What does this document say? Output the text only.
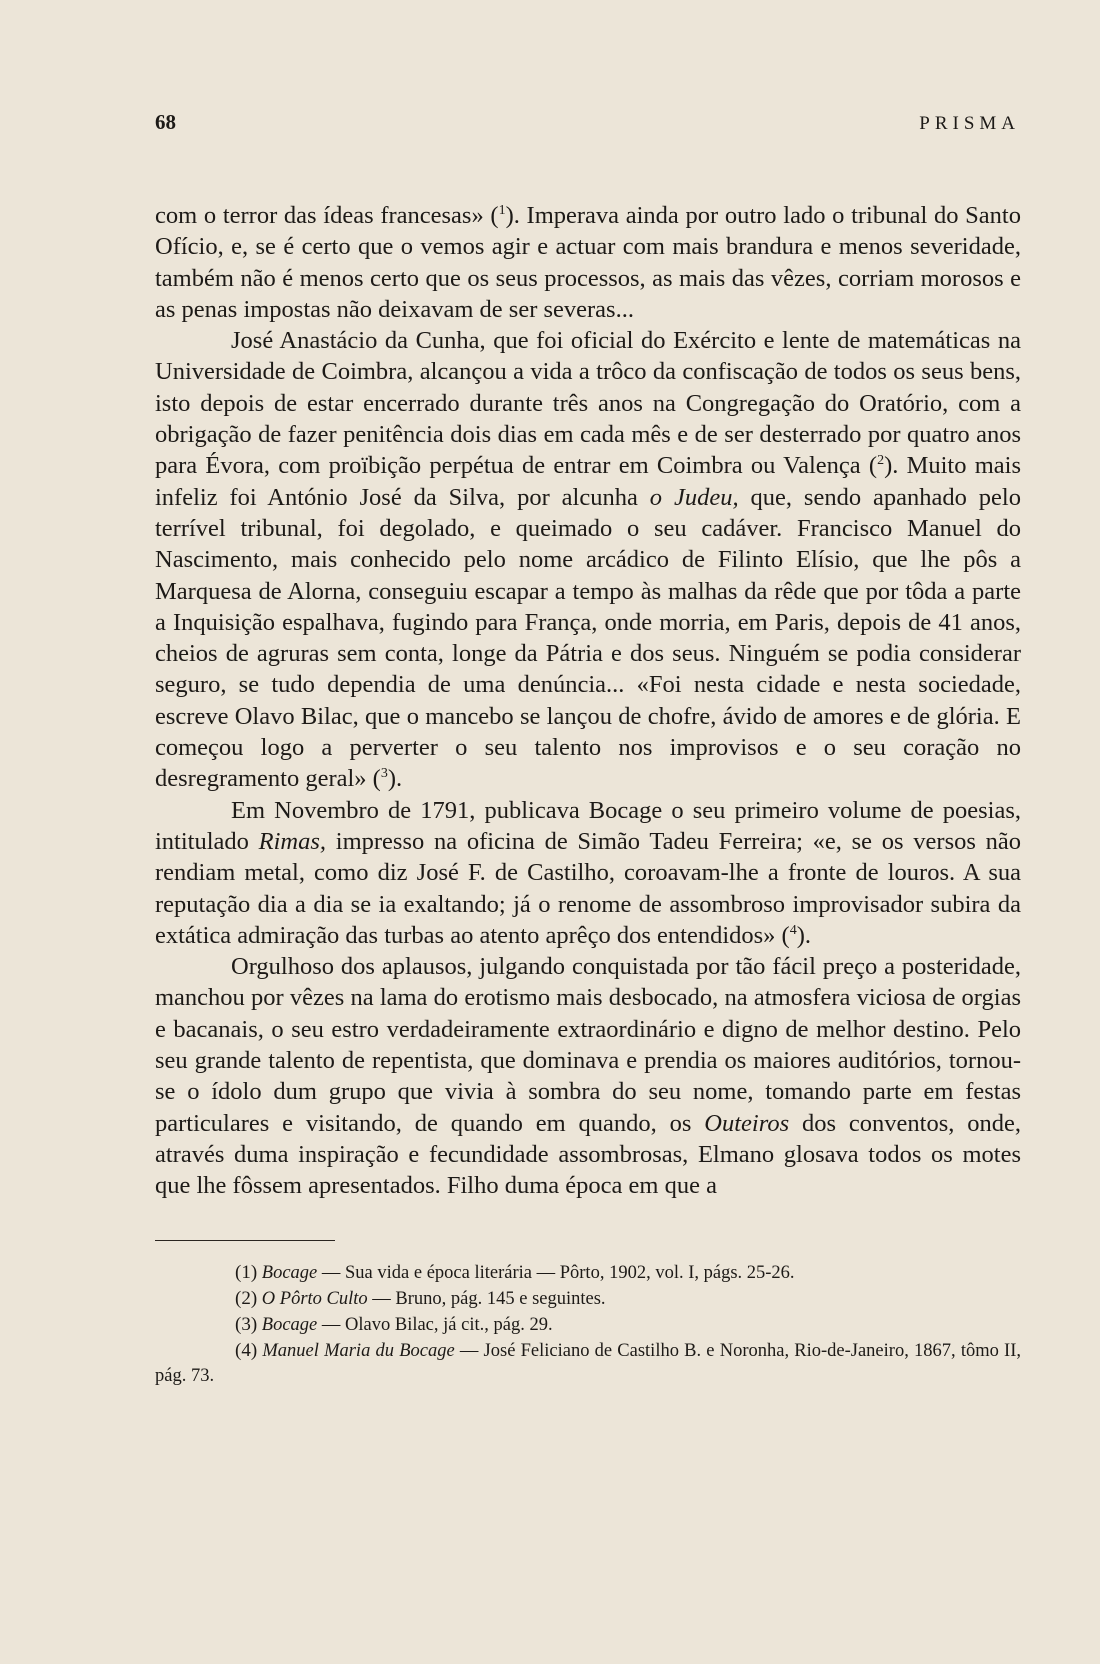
68	PRISMA

com o terror das ídeas francesas» ($^1$). Imperava ainda por outro lado o tribunal do Santo Ofício, e, se é certo que o vemos agir e actuar com mais brandura e menos severidade, também não é menos certo que os seus processos, as mais das vêzes, corriam morosos e as penas impostas não deixavam de ser severas...

José Anastácio da Cunha, que foi oficial do Exército e lente de matemáticas na Universidade de Coimbra, alcançou a vida a trôco da confiscação de todos os seus bens, isto depois de estar encerrado durante três anos na Congregação do Oratório, com a obrigação de fazer penitência dois dias em cada mês e de ser desterrado por quatro anos para Évora, com proïbição perpétua de entrar em Coimbra ou Valença ($^2$). Muito mais infeliz foi António José da Silva, por alcunha o Judeu, que, sendo apanhado pelo terrível tribunal, foi degolado, e queimado o seu cadáver. Francisco Manuel do Nascimento, mais conhecido pelo nome arcádico de Filinto Elísio, que lhe pôs a Marquesa de Alorna, conseguiu escapar a tempo às malhas da rêde que por tôda a parte a Inquisição espalhava, fugindo para França, onde morria, em Paris, depois de 41 anos, cheios de agruras sem conta, longe da Pátria e dos seus. Ninguém se podia considerar seguro, se tudo dependia de uma denúncia... «Foi nesta cidade e nesta sociedade, escreve Olavo Bilac, que o mancebo se lançou de chofre, ávido de amores e de glória. E começou logo a perverter o seu talento nos improvisos e o seu coração no desregramento geral» ($^3$).

Em Novembro de 1791, publicava Bocage o seu primeiro volume de poesias, intitulado Rimas, impresso na oficina de Simão Tadeu Ferreira; «e, se os versos não rendiam metal, como diz José F. de Castilho, coroavam-lhe a fronte de louros. A sua reputação dia a dia se ia exaltando; já o renome de assombroso improvisador subira da extática admiração das turbas ao atento aprêço dos entendidos» ($^4$).

Orgulhoso dos aplausos, julgando conquistada por tão fácil preço a posteridade, manchou por vêzes na lama do erotismo mais desbocado, na atmosfera viciosa de orgias e bacanais, o seu estro verdadeiramente extraordinário e digno de melhor destino. Pelo seu grande talento de repentista, que dominava e prendia os maiores auditórios, tornou-se o ídolo dum grupo que vivia à sombra do seu nome, tomando parte em festas particulares e visitando, de quando em quando, os Outeiros dos conventos, onde, através duma inspiração e fecundidade assombrosas, Elmano glosava todos os motes que lhe fôssem apresentados. Filho duma época em que a

(1) Bocage — Sua vida e época literária — Pôrto, 1902, vol. I, págs. 25-26.

(2) O Pôrto Culto — Bruno, pág. 145 e seguintes.

(3) Bocage — Olavo Bilac, já cit., pág. 29.

(4) Manuel Maria du Bocage — José Feliciano de Castilho B. e Noronha, Rio-de-Janeiro, 1867, tômo II, pág. 73.
